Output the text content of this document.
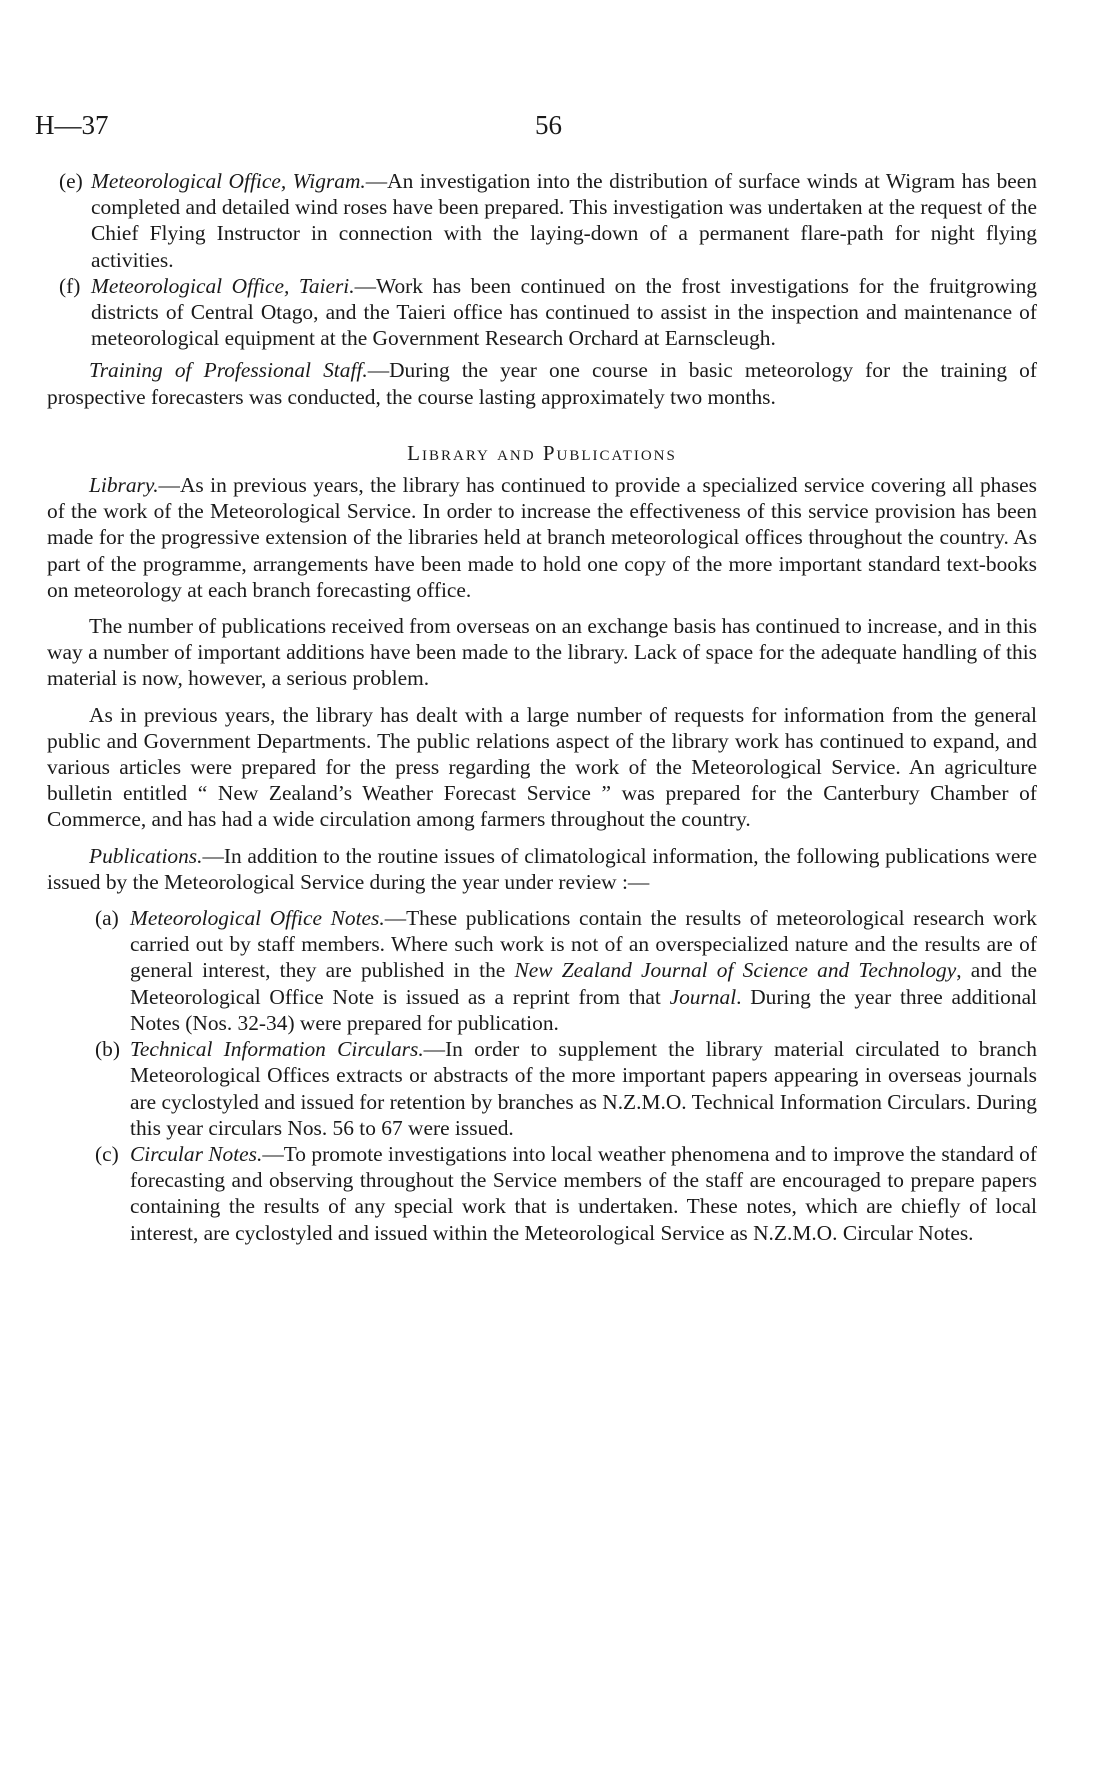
H—37	56
(e) Meteorological Office, Wigram.—An investigation into the distribution of surface winds at Wigram has been completed and detailed wind roses have been prepared. This investigation was undertaken at the request of the Chief Flying Instructor in connection with the laying-down of a permanent flare-path for night flying activities.

(f) Meteorological Office, Taieri.—Work has been continued on the frost investigations for the fruitgrowing districts of Central Otago, and the Taieri office has continued to assist in the inspection and maintenance of meteorological equipment at the Government Research Orchard at Earnscleugh.

Training of Professional Staff.—During the year one course in basic meteorology for the training of prospective forecasters was conducted, the course lasting approximately two months.

Library and Publications

Library.—As in previous years, the library has continued to provide a specialized service covering all phases of the work of the Meteorological Service. In order to increase the effectiveness of this service provision has been made for the progressive extension of the libraries held at branch meteorological offices throughout the country. As part of the programme, arrangements have been made to hold one copy of the more important standard text-books on meteorology at each branch forecasting office.

The number of publications received from overseas on an exchange basis has continued to increase, and in this way a number of important additions have been made to the library. Lack of space for the adequate handling of this material is now, however, a serious problem.

As in previous years, the library has dealt with a large number of requests for information from the general public and Government Departments. The public relations aspect of the library work has continued to expand, and various articles were prepared for the press regarding the work of the Meteorological Service. An agriculture bulletin entitled “ New Zealand’s Weather Forecast Service ” was prepared for the Canterbury Chamber of Commerce, and has had a wide circulation among farmers throughout the country.

Publications.—In addition to the routine issues of climatological information, the following publications were issued by the Meteorological Service during the year under review :—

(a) Meteorological Office Notes.—These publications contain the results of meteorological research work carried out by staff members. Where such work is not of an overspecialized nature and the results are of general interest, they are published in the New Zealand Journal of Science and Technology, and the Meteorological Office Note is issued as a reprint from that Journal. During the year three additional Notes (Nos. 32-34) were prepared for publication.

(b) Technical Information Circulars.—In order to supplement the library material circulated to branch Meteorological Offices extracts or abstracts of the more important papers appearing in overseas journals are cyclostyled and issued for retention by branches as N.Z.M.O. Technical Information Circulars. During this year circulars Nos. 56 to 67 were issued.

(c) Circular Notes.—To promote investigations into local weather phenomena and to improve the standard of forecasting and observing throughout the Service members of the staff are encouraged to prepare papers containing the results of any special work that is undertaken. These notes, which are chiefly of local interest, are cyclostyled and issued within the Meteorological Service as N.Z.M.O. Circular Notes.
